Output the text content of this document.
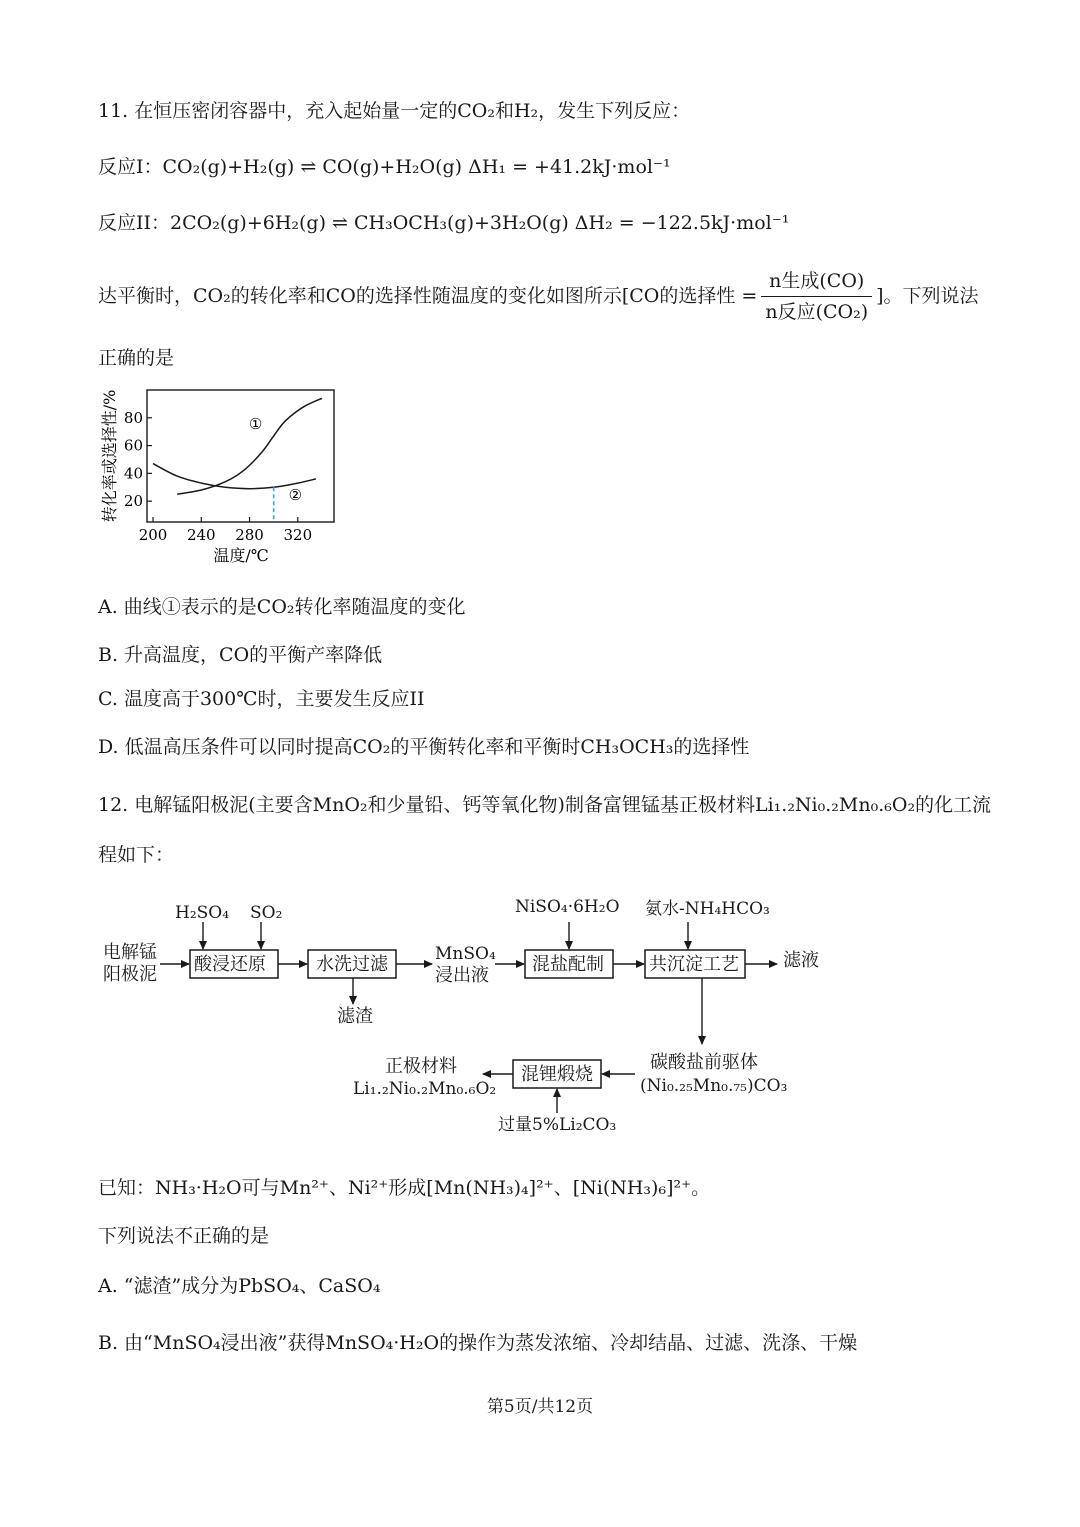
11. 在恒压密闭容器中，充入起始量一定的CO₂和H₂，发生下列反应：
反应I：CO₂(g)+H₂(g) ⇌ CO(g)+H₂O(g) ΔH₁ = +41.2kJ·mol⁻¹
反应II：2CO₂(g)+6H₂(g) ⇌ CH₃OCH₃(g)+3H₂O(g) ΔH₂ = −122.5kJ·mol⁻¹
达平衡时，CO₂的转化率和CO的选择性随温度的变化如图所示[CO的选择性 = $\frac{\text{n生成(CO)}}{\text{n反应(CO₂)}}$ ]。下列说法
正确的是
20
40
60
80
200 240 280 320
①
②
转化率或选择性/%
温度/℃
A. 曲线①表示的是CO₂转化率随温度的变化
B. 升高温度，CO的平衡产率降低
C. 温度高于300℃时，主要发生反应II
D. 低温高压条件可以同时提高CO₂的平衡转化率和平衡时CH₃OCH₃的选择性
12. 电解锰阳极泥(主要含MnO₂和少量铅、钙等氧化物)制备富锂锰基正极材料Li₁.₂Ni₀.₂Mn₀.₆O₂的化工流
程如下：
电解锰
阳极泥
H₂SO₄ SO₂
酸浸还原	水洗过滤
滤渣
MnSO₄
浸出液
NiSO₄·6H₂O
混盐配制
氨水-NH₄HCO₃
共沉淀工艺 滤液
碳酸盐前驱体
(Ni₀.₂₅Mn₀.₇₅)CO₃
混锂煅烧
过量5%Li₂CO₃
正极材料
Li₁.₂Ni₀.₂Mn₀.₆O₂
已知：NH₃·H₂O可与Mn²⁺、Ni²⁺形成[Mn(NH₃)₄]²⁺、[Ni(NH₃)₆]²⁺。
下列说法不正确的是
A. “滤渣”成分为PbSO₄、CaSO₄
B. 由“MnSO₄浸出液”获得MnSO₄·H₂O的操作为蒸发浓缩、冷却结晶、过滤、洗涤、干燥
第5页/共12页
